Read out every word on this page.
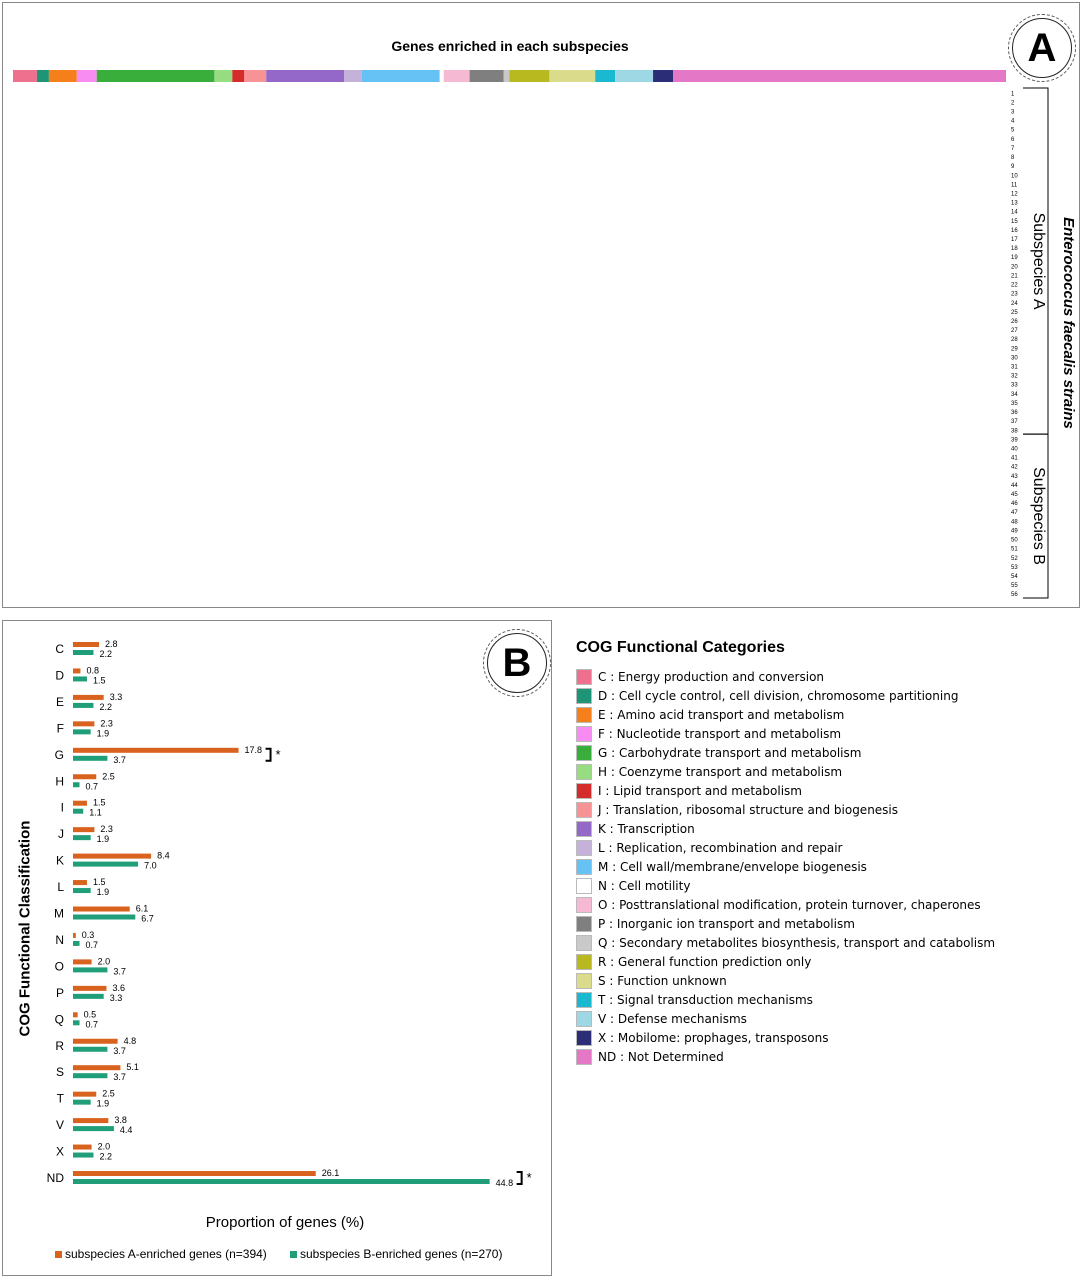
Genes enriched in each subspecies	A
1
2
3
4
5
6
7
8
9
10
11
12
13
14
15
16
17
18
19
20
21
22
23
24
25
26
27
28
29
30
31
32
33
34
35
36
37
38
39
40
41
42
43
44
45
46
47
48
49
50
51
52
53
54
55
56
Subspecies A
Subspecies B
Enterococcus faecalis strains
B
COG Functional Classification
Proportion of genes (%)
C	2.8
2.2
D 0.8
1.5
E	3.3
2.2
F	2.3
1.9
G	17.8
3.7	*
H	2.5
0.7
I	1.5
1.1
J	2.3
1.9
K	8.4
7.0
L	1.5
1.9
M	6.1
6.7
N 0.3
0.7
O	2.0
3.7
P	3.6
3.3
Q 0.5
0.7
R	4.8
3.7
S	5.1
3.7
T	2.5
1.9
V	3.8
4.4
X	2.0
2.2
ND	26.1
44.8 *
subspecies A-enriched genes (n=394)	subspecies B-enriched genes (n=270)
COG Functional Categories
C : Energy production and conversion
D : Cell cycle control, cell division, chromosome partitioning
E : Amino acid transport and metabolism
F : Nucleotide transport and metabolism
G : Carbohydrate transport and metabolism
H : Coenzyme transport and metabolism
I : Lipid transport and metabolism
J : Translation, ribosomal structure and biogenesis
K : Transcription
L : Replication, recombination and repair
M : Cell wall/membrane/envelope biogenesis
N : Cell motility
O : Posttranslational modification, protein turnover, chaperones
P : Inorganic ion transport and metabolism
Q : Secondary metabolites biosynthesis, transport and catabolism
R : General function prediction only
S : Function unknown
T : Signal transduction mechanisms
V : Defense mechanisms
X : Mobilome: prophages, transposons
ND : Not Determined
